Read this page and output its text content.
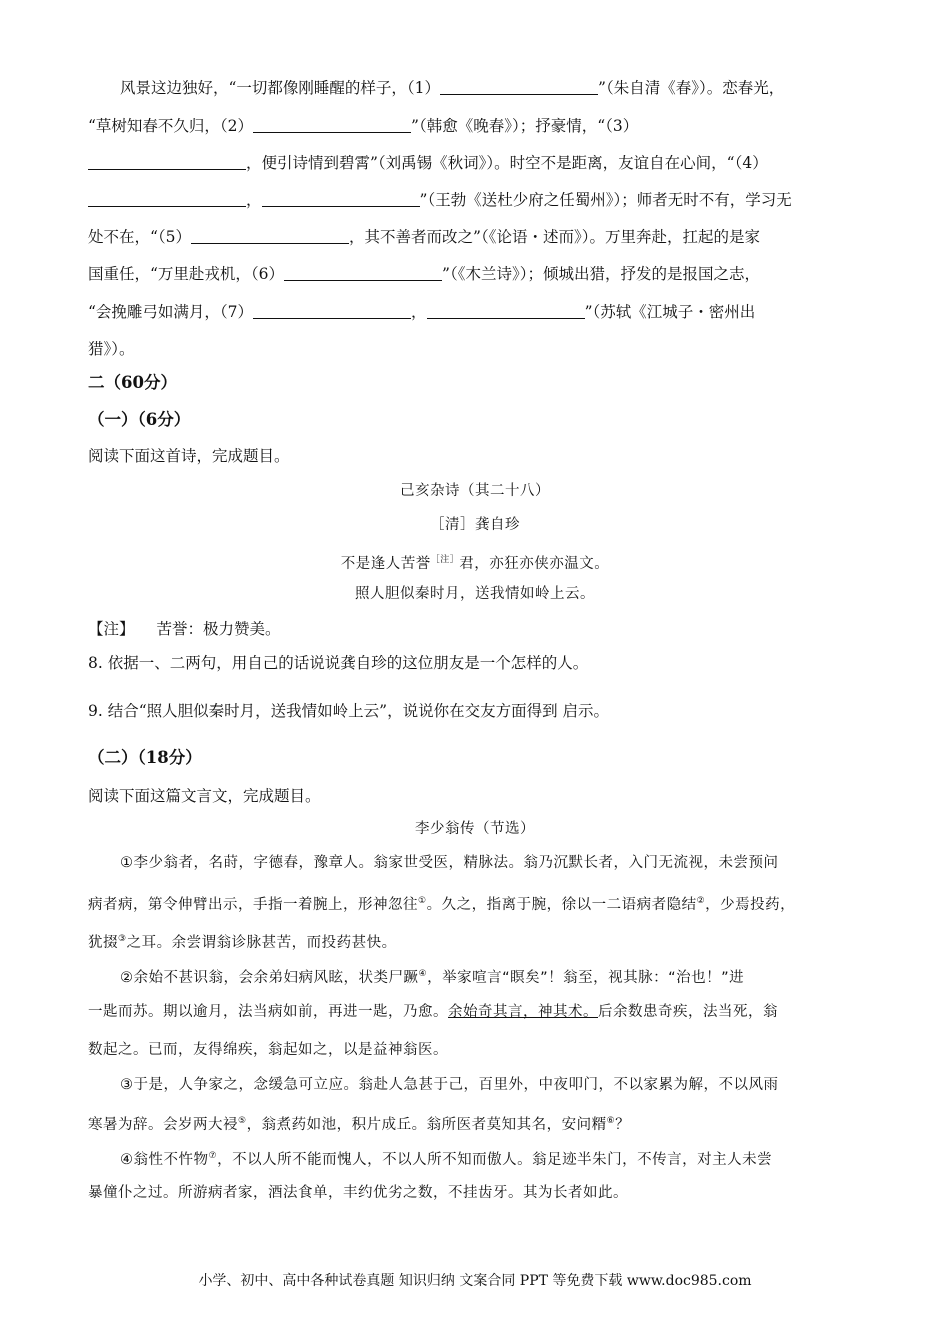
风景这边独好，“一切都像刚睡醒的样子，（1）	”（朱自清《春》）。恋春光，
“草树知春不久归，（2）	”（韩愈《晚春》）；抒豪情，“（3）
，便引诗情到碧霄”（刘禹锡《秋词》）。时空不是距离，友谊自在心间，“（4）
，	”（王勃《送杜少府之任蜀州》）；师者无时不有，学习无
处不在，“（5）	，其不善者而改之”（《论语・述而》）。万里奔赴，扛起的是家
国重任，“万里赴戎机，（6）	”（《木兰诗》）；倾城出猎，抒发的是报国之志，
“会挽雕弓如满月，（7）	，	”（苏轼《江城子・密州出
猎》）。
二（60分）
（一）（6分）
阅读下面这首诗，完成题目。
己亥杂诗（其二十八）
［清］龚自珍
不是逢人苦誉$^{[注]}$君，亦狂亦侠亦温文。
照人胆似秦时月，送我情如岭上云。
【注】 苦誉：极力赞美。
8. 依据一、二两句，用自己的话说说龚自珍的这位朋友是一个怎样的人。
9. 结合“照人胆似秦时月，送我情如岭上云”，说说你在交友方面得到 启示。
（二）（18分）
阅读下面这篇文言文，完成题目。
李少翁传（节选）
①李少翁者，名莳，字德春，豫章人。翁家世受医，精脉法。翁乃沉默长者，入门无流视，未尝预问
病者病，第令伸臂出示，手指一着腕上，形神忽往①。久之，指离于腕，徐以一二语病者隐结②，少焉投药，
犹掇③之耳。余尝谓翁诊脉甚苦，而投药甚快。
②余始不甚识翁，会余弟妇病风眩，状类尸蹶④，举家喧言“瞑矣”！翁至，视其脉：“治也！”进
一匙而苏。期以逾月，法当病如前，再进一匙，乃愈。余始奇其言，神其术。后余数患奇疾，法当死，翁
数起之。已而，友得绵疾，翁起如之，以是益神翁医。
③于是，人争家之，念缓急可立应。翁赴人急甚于己，百里外，中夜叩门，不以家累为解，不以风雨
寒暑为辞。会岁两大祲⑤，翁煮药如池，积片成丘。翁所医者莫知其名，安问糈⑥？
④翁性不忤物⑦，不以人所不能而愧人，不以人所不知而傲人。翁足迹半朱门，不传言，对主人未尝
暴僮仆之过。所游病者家，酒法食单，丰约优劣之数，不挂齿牙。其为长者如此。
小学、初中、高中各种试卷真题 知识归纳 文案合同 PPT 等免费下载 www.doc985.com
